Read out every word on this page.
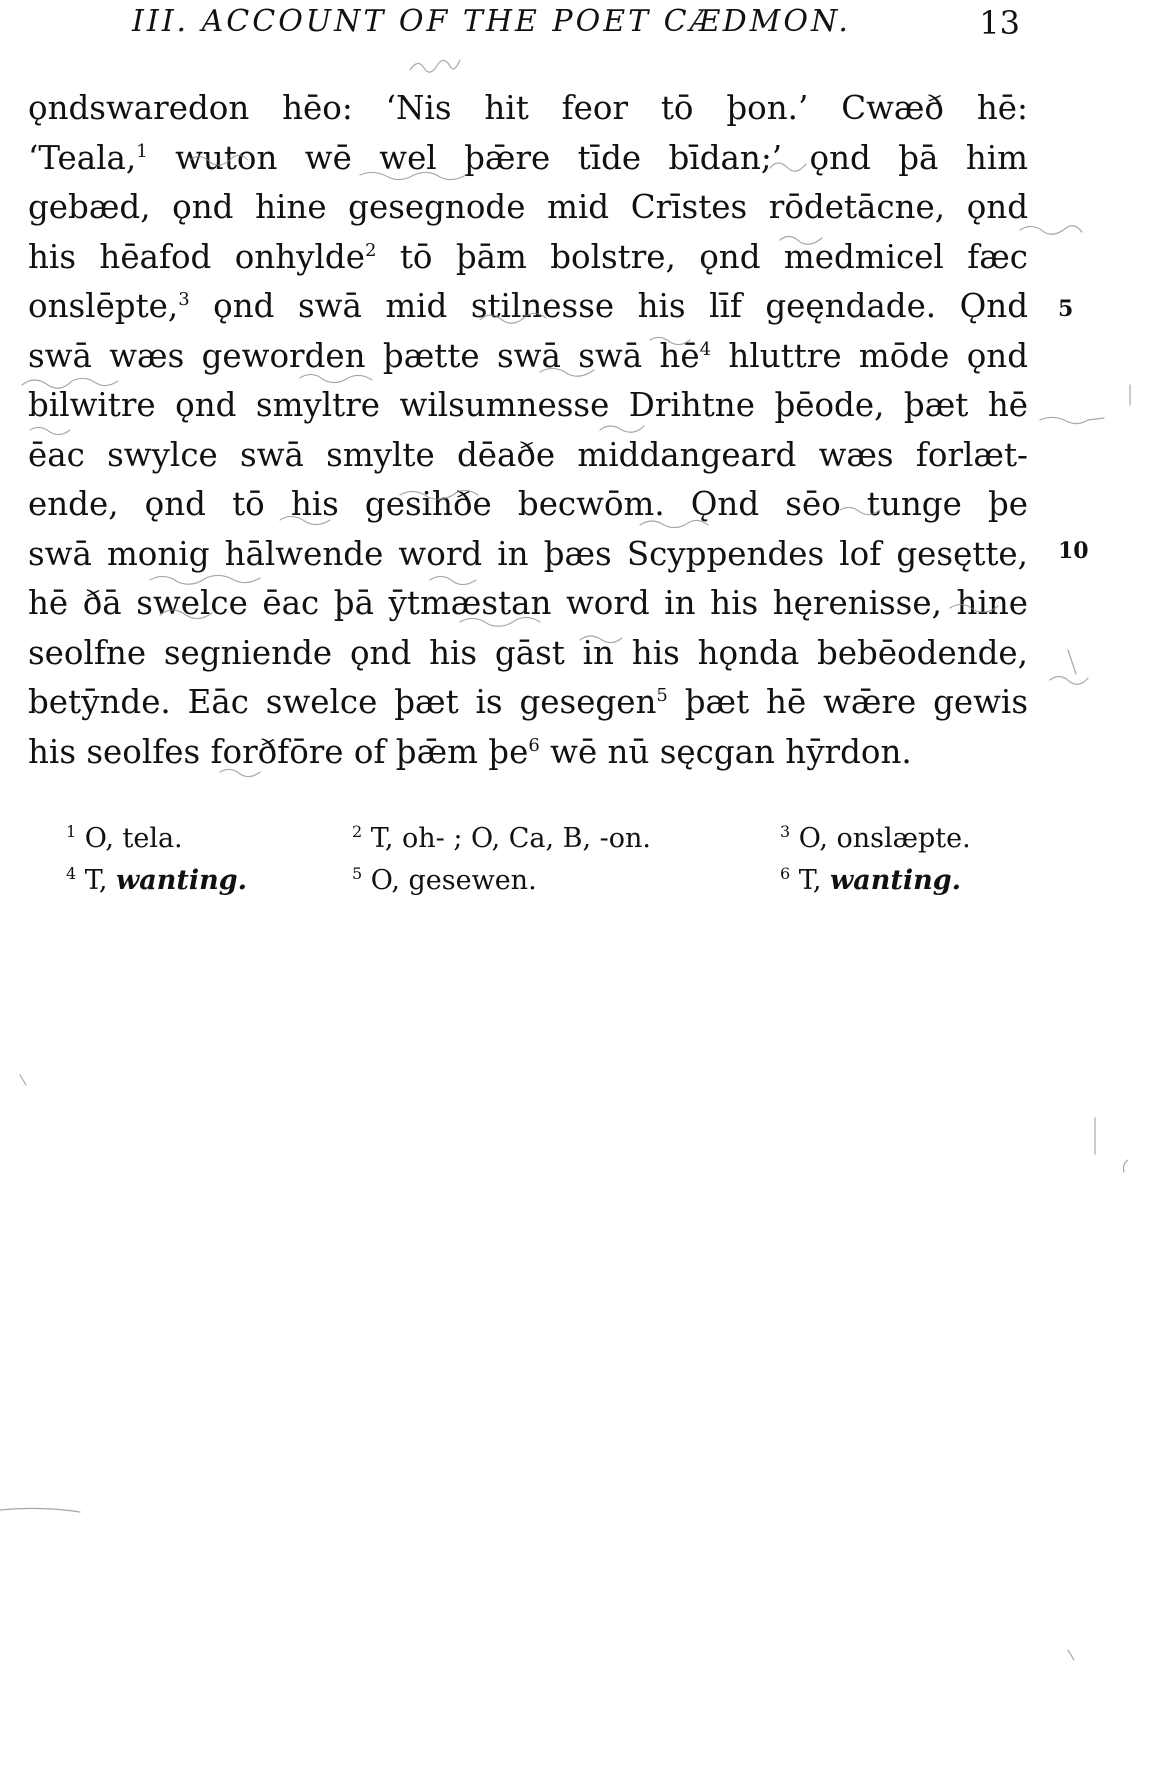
III. ACCOUNT OF THE POET CÆDMON.	13
ǫndswaredon hēo: ‘Nis hit feor tō þon.’ Cwæð hē:
‘Teala,$^1$ wuton wē wel þǣre tīde bīdan;’ ǫnd þā him
gebæd, ǫnd hine gesegnode mid Crīstes rōdetācne, ǫnd
his hēafod onhylde$^2$ tō þām bolstre, ǫnd medmicel fæc
onslēpte,$^3$ ǫnd swā mid stilnesse his līf geęndade. Ǫnd
swā wæs geworden þætte swā swā $hē^4$ hluttre mōde ǫnd
bilwitre ǫnd smyltre wilsumnesse Drihtne þēode, þæt hē
ēac swylce swā smylte dēaðe middangeard wæs forlæt-
ende, ǫnd tō his gesihðe becwōm. Ǫnd sēo tunge þe
swā monig hālwende word in þæs Scyppendes lof gesętte,
hē ðā swelce ēac þā ȳtmæstan word in his hęrenisse, hine
seolfne segniende ǫnd his gāst in his hǫnda bebēodende,
betȳnde. Eāc swelce þæt is gesegen$^5$ þæt hē wǣre gewis
his seolfes forðfōre of þǣm $þe^6$ wē nū sęcgan hȳrdon.
5
10
$^1$ O, tela.	$^2$ T, oh- ; O, Ca, B, -on.	$^3$ O, onslæpte.
$^4$ T, wanting.	$^5$ O, gesewen.	$^6$ T, wanting.
